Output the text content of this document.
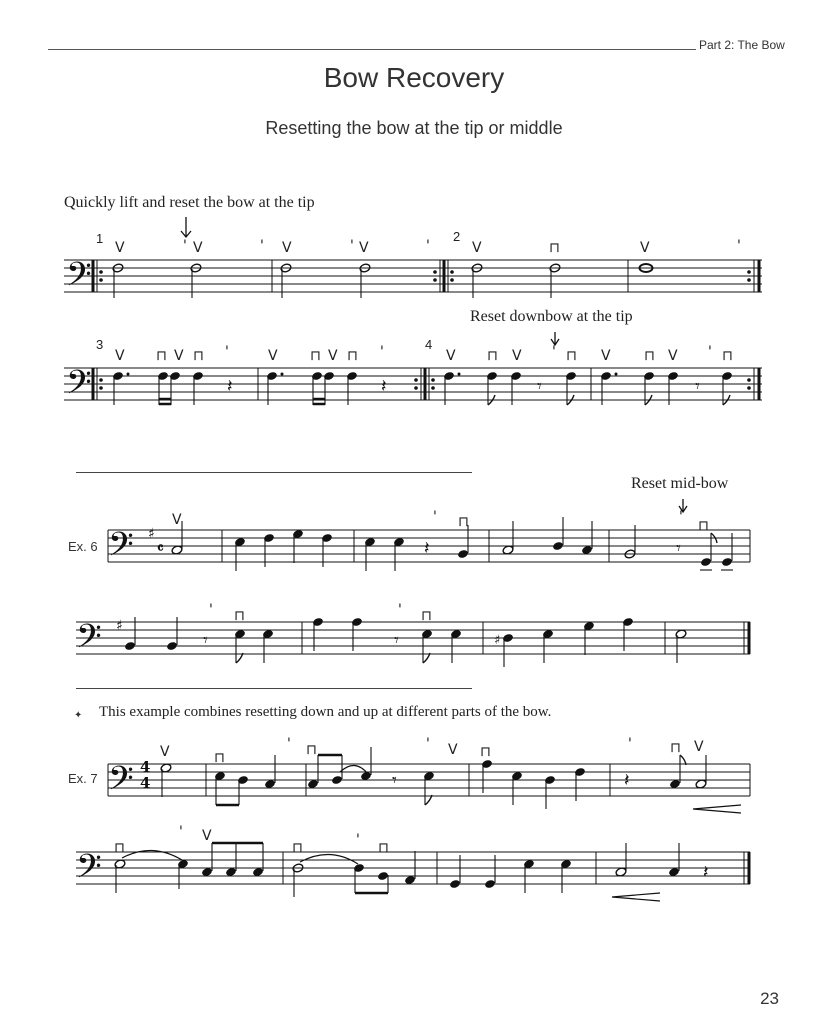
Part 2: The Bow
Bow Recovery
Resetting the bow at the tip or middle
Quickly lift and reset the bow at the tip
Reset downbow at the tip
Reset mid-bow
Ex. 6
Ex. 7
✦ This example combines resetting down and up at different parts of the bow.
23
𝄢
𝄢
𝄢
𝄢
𝄢
𝄢
1	2
V	' V	' V	' V	'	V	⊓	V	'
3	4
𝄽	𝄽	𝄾	𝄾
V ⊓ V ⊓ '	V ⊓ V ⊓ '	V ⊓ V ' ⊓ V ⊓ V ' ⊓
♯
𝄴	𝄽	𝄾
V	' ⊓	'
⊓
♯
♯
𝄾	𝄾
' ⊓	' ⊓
4
4	𝄾	𝄽
V	⊓
' ⊓	' V ⊓	'	⊓ V
𝄽
⊓
' V
⊓	' ⊓
